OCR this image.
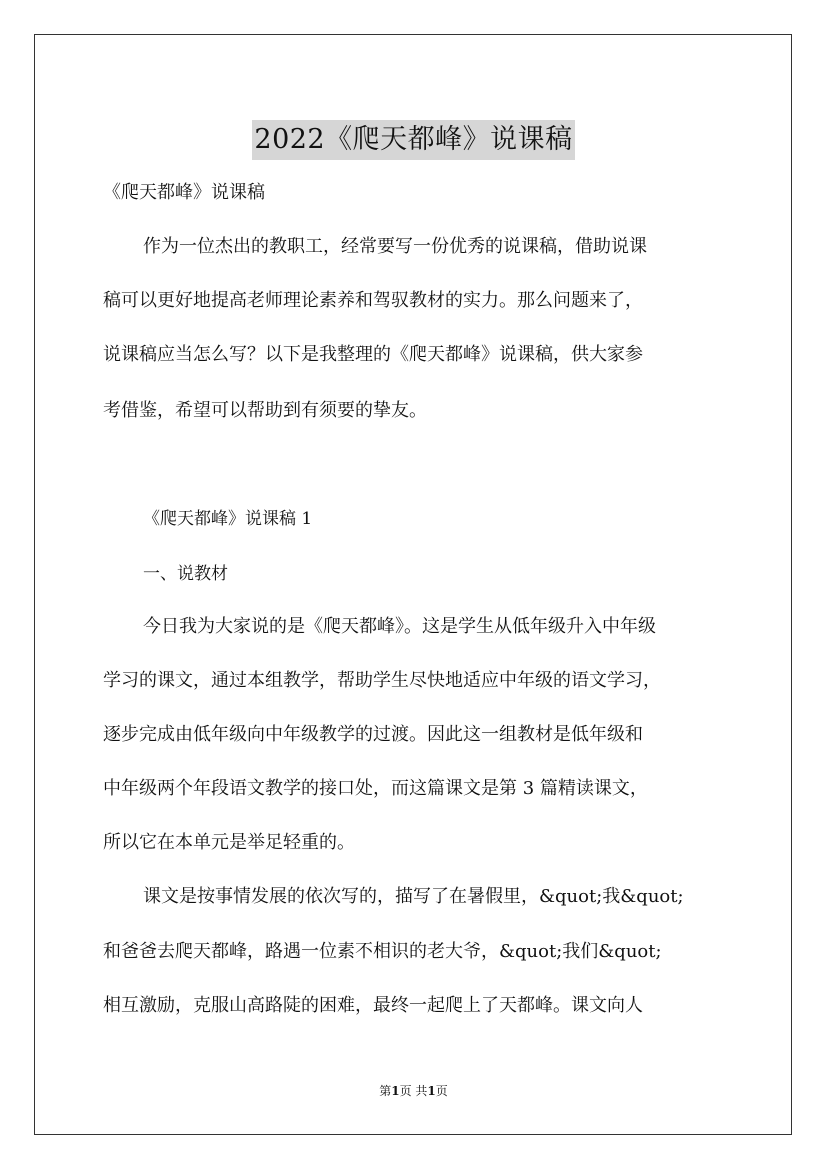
2022《爬天都峰》说课稿

《爬天都峰》说课稿

作为一位杰出的教职工，经常要写一份优秀的说课稿，借助说课

稿可以更好地提高老师理论素养和驾驭教材的实力。那么问题来了，

说课稿应当怎么写？以下是我整理的《爬天都峰》说课稿，供大家参

考借鉴，希望可以帮助到有须要的挚友。

《爬天都峰》说课稿 1

一、说教材

今日我为大家说的是《爬天都峰》。这是学生从低年级升入中年级

学习的课文，通过本组教学，帮助学生尽快地适应中年级的语文学习，

逐步完成由低年级向中年级教学的过渡。因此这一组教材是低年级和

中年级两个年段语文教学的接口处，而这篇课文是第 3 篇精读课文，

所以它在本单元是举足轻重的。

课文是按事情发展的依次写的，描写了在暑假里，&quot;我&quot;

和爸爸去爬天都峰，路遇一位素不相识的老大爷，&quot;我们&quot;

相互激励，克服山高路陡的困难，最终一起爬上了天都峰。课文向人

第1页 共1页
